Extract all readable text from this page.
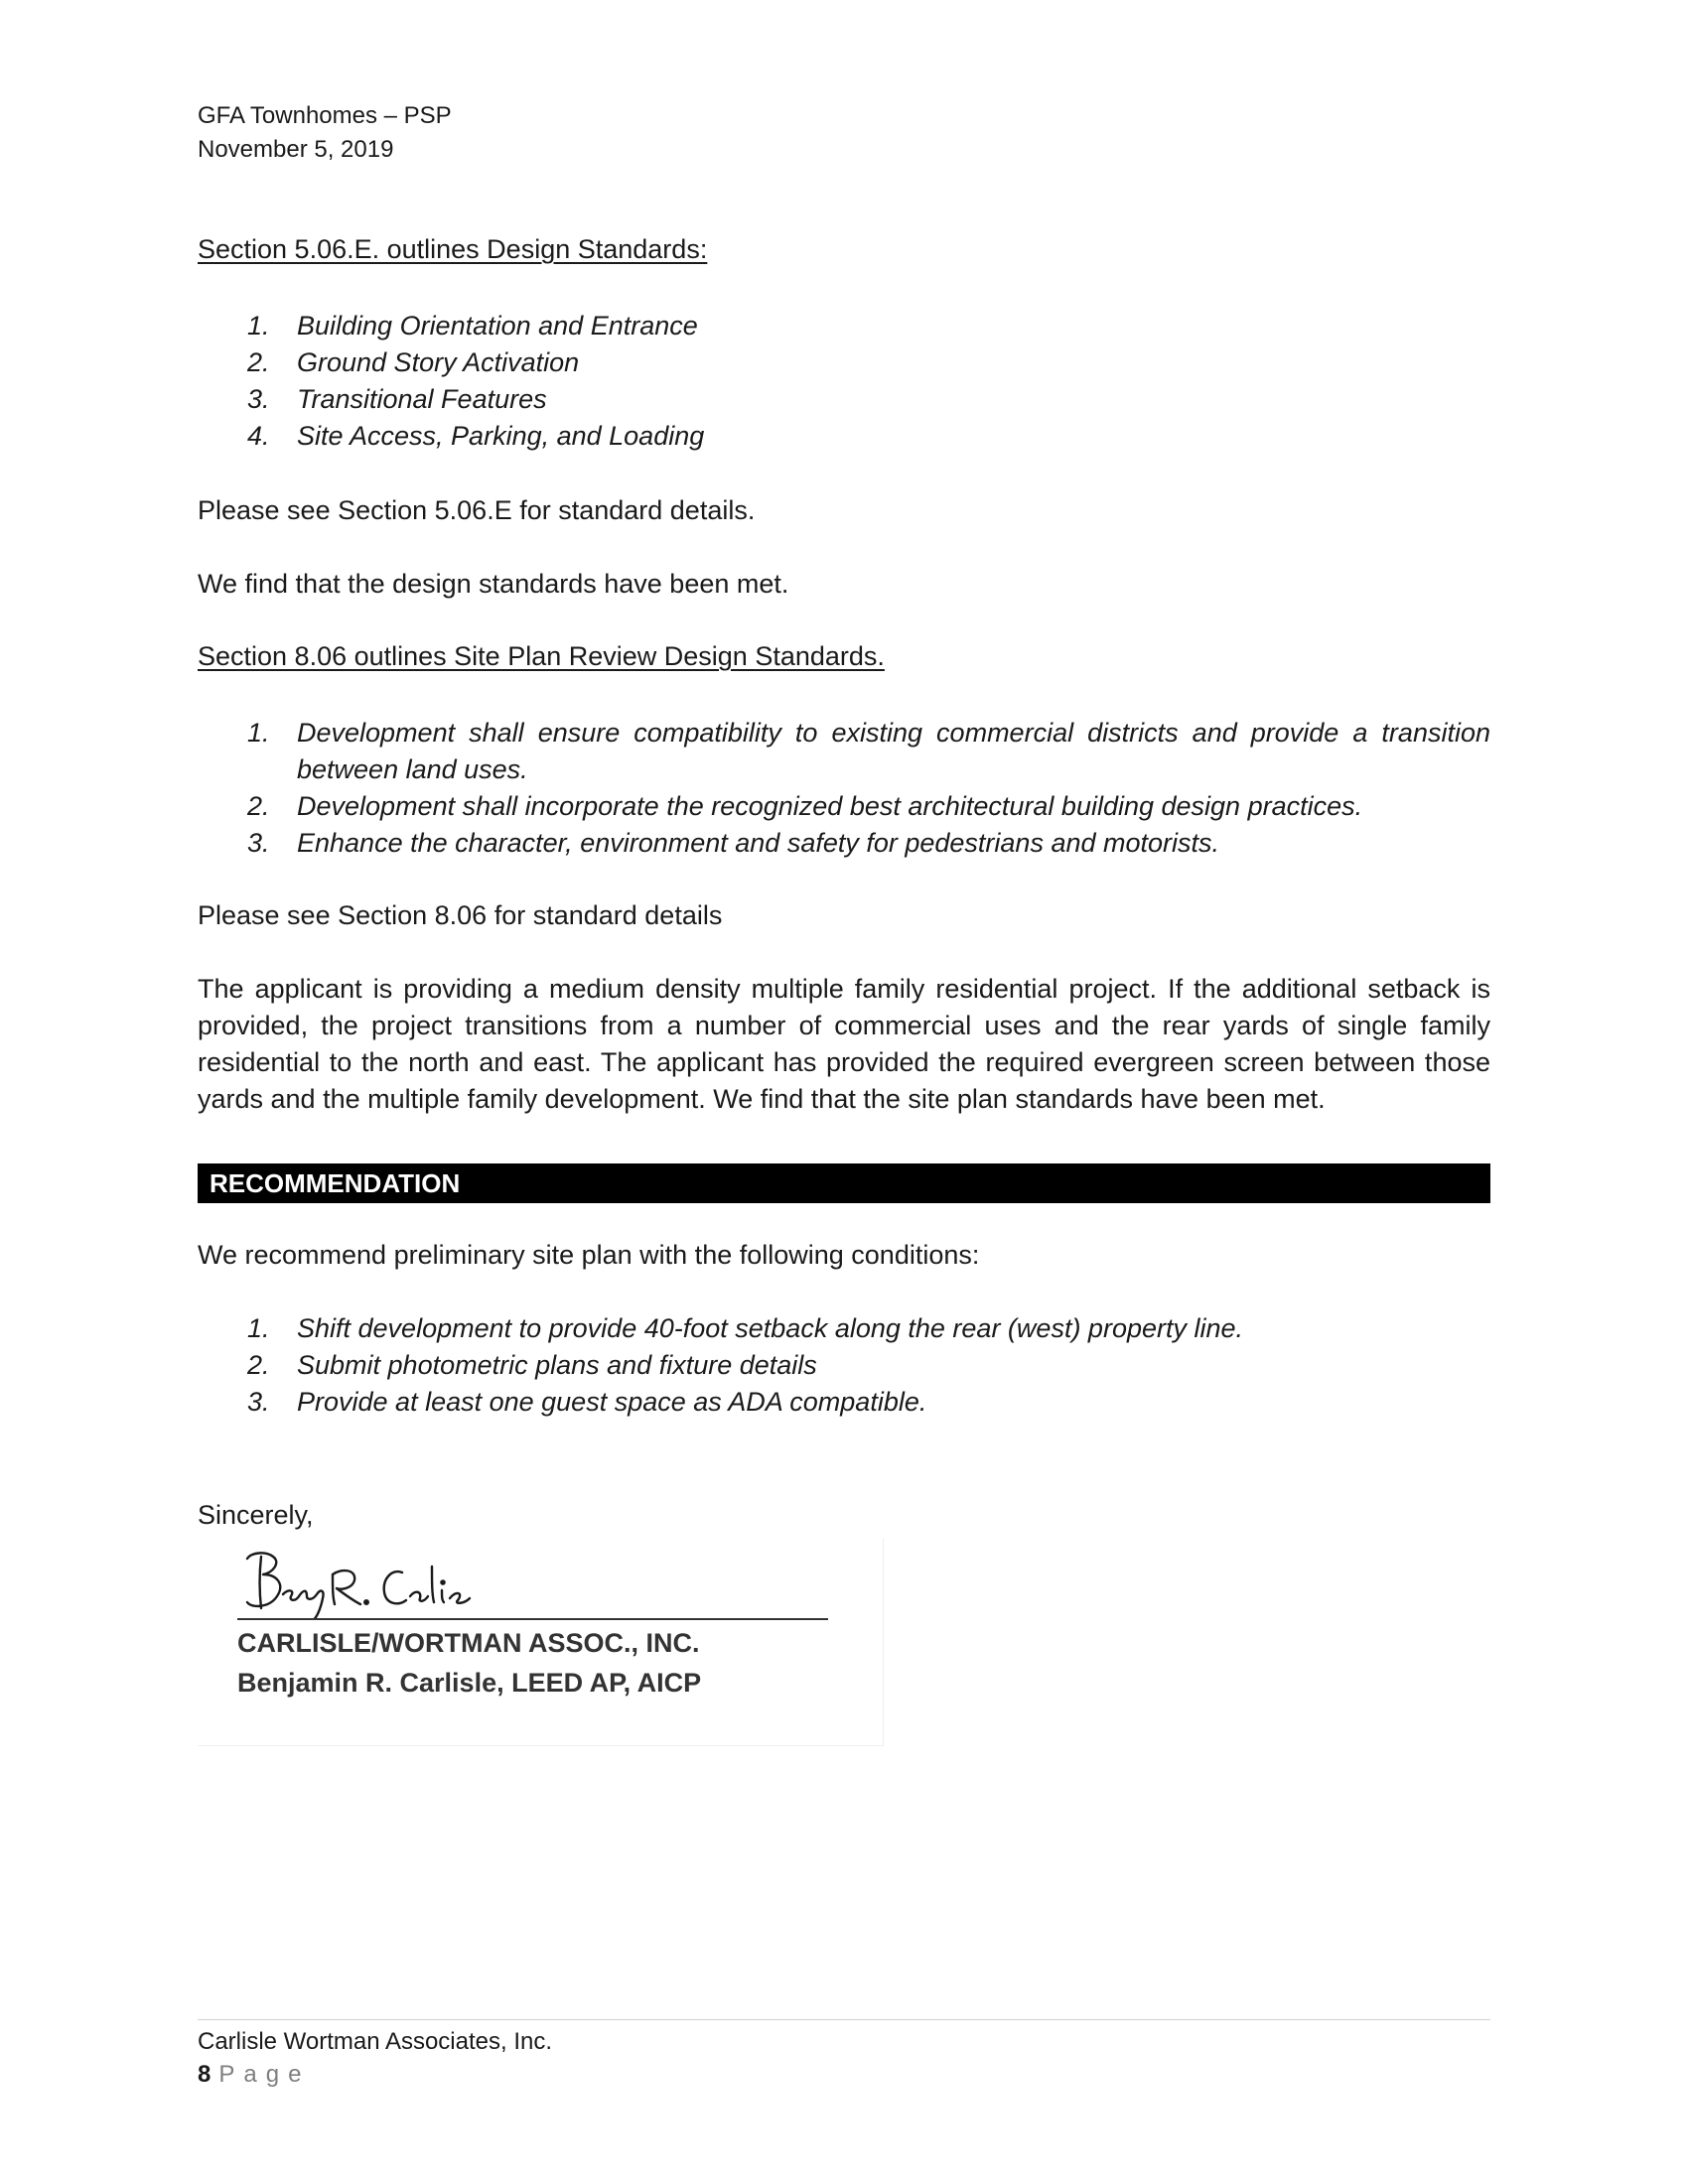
GFA Townhomes – PSP
November 5, 2019
Section 5.06.E. outlines Design Standards:
1. Building Orientation and Entrance
2. Ground Story Activation
3. Transitional Features
4. Site Access, Parking, and Loading
Please see Section 5.06.E for standard details.
We find that the design standards have been met.
Section 8.06 outlines Site Plan Review Design Standards.
1. Development shall ensure compatibility to existing commercial districts and provide a transition between land uses.
2. Development shall incorporate the recognized best architectural building design practices.
3. Enhance the character, environment and safety for pedestrians and motorists.
Please see Section 8.06 for standard details
The applicant is providing a medium density multiple family residential project. If the additional setback is provided, the project transitions from a number of commercial uses and the rear yards of single family residential to the north and east. The applicant has provided the required evergreen screen between those yards and the multiple family development. We find that the site plan standards have been met.
RECOMMENDATION
We recommend preliminary site plan with the following conditions:
1. Shift development to provide 40-foot setback along the rear (west) property line.
2. Submit photometric plans and fixture details
3. Provide at least one guest space as ADA compatible.
Sincerely,
CARLISLE/WORTMAN ASSOC., INC.
Benjamin R. Carlisle, LEED AP, AICP
Carlisle Wortman Associates, Inc.
8 Page
